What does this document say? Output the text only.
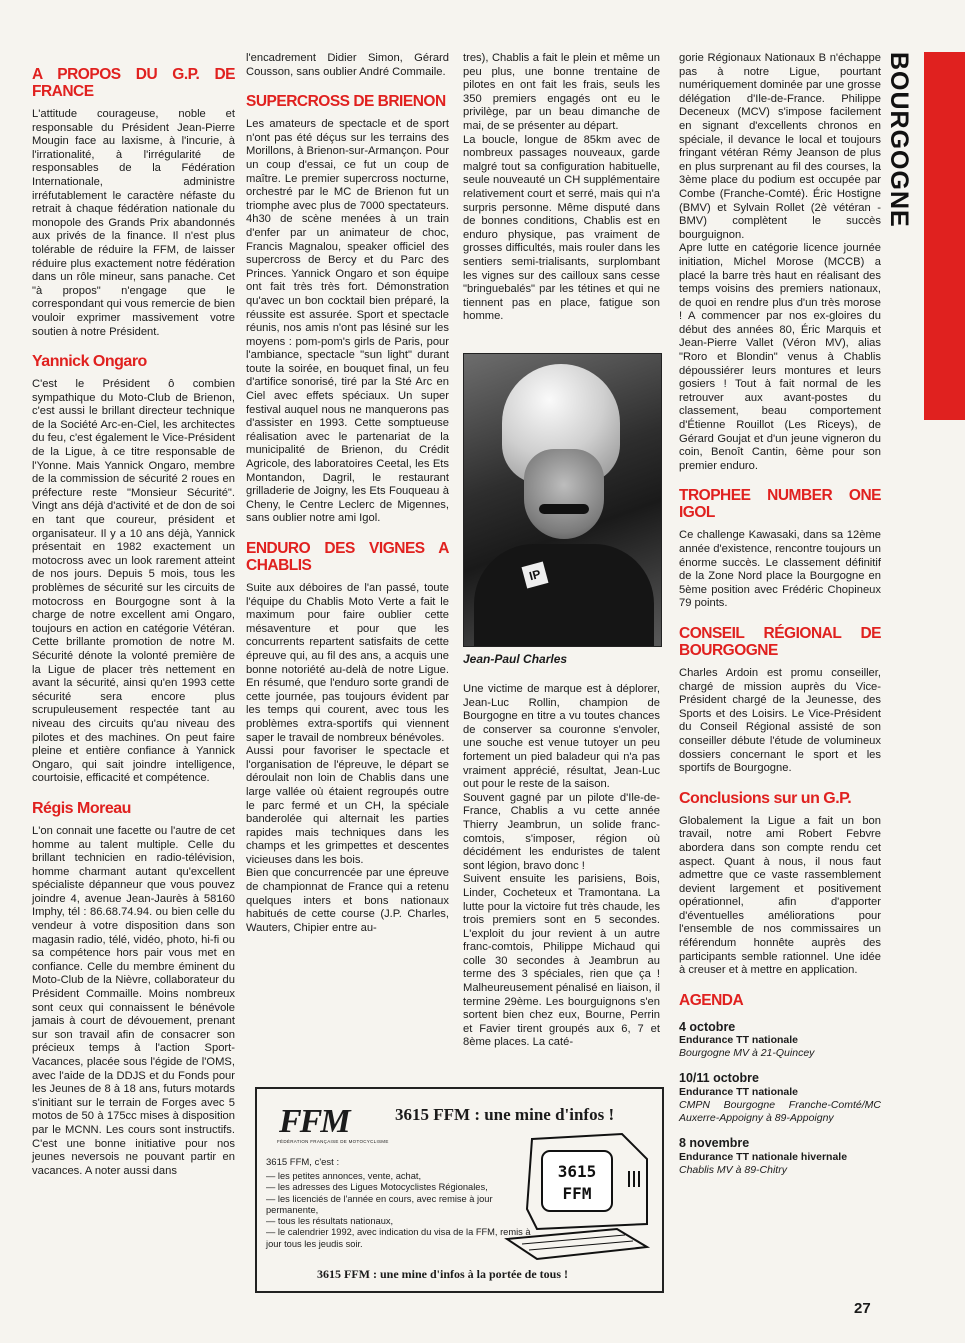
A PROPOS DU G.P. DE FRANCE

L'attitude courageuse, noble et responsable du Président Jean-Pierre Mougin face au laxisme, à l'incurie, à l'irrationalité, à l'irrégularité de responsables de la Fédération Internationale, administre irréfutablement le caractère néfaste du retrait à chaque fédération nationale du monopole des Grands Prix abandonnés aux privés de la finance. Il n'est plus tolérable de réduire la FFM, de laisser réduire plus exactement notre fédération dans un rôle mineur, sans panache. Cet "à propos" n'engage que le correspondant qui vous remercie de bien vouloir exprimer massivement votre soutien à notre Président.

Yannick Ongaro

C'est le Président ô combien sympathique du Moto-Club de Brienon, c'est aussi le brillant directeur technique de la Société Arc-en-Ciel, les architectes du feu, c'est également le Vice-Président de la Ligue, à ce titre responsable de l'Yonne. Mais Yannick Ongaro, membre de la commission de sécurité 2 roues en préfecture reste "Monsieur Sécurité". Vingt ans déjà d'activité et de don de soi en tant que coureur, président et organisateur. Il y a 10 ans déjà, Yannick présentait en 1982 exactement un motocross avec un look rarement atteint de nos jours. Depuis 5 mois, tous les problèmes de sécurité sur les circuits de motocross en Bourgogne sont à la charge de notre excellent ami Ongaro, toujours en action en catégorie Vétéran. Cette brillante promotion de notre M. Sécurité dénote la volonté première de la Ligue de placer très nettement en avant la sécurité, ainsi qu'en 1993 cette sécurité sera encore plus scrupuleusement respectée tant au niveau des circuits qu'au niveau des pilotes et des machines. On peut faire pleine et entière confiance à Yannick Ongaro, qui sait joindre intelligence, courtoisie, efficacité et compétence.

Régis Moreau

L'on connait une facette ou l'autre de cet homme au talent multiple. Celle du brillant technicien en radio-télévision, homme charmant autant qu'excellent spécialiste dépanneur que vous pouvez joindre 4, avenue Jean-Jaurès à 58160 Imphy, tél : 86.68.74.94. ou bien celle du vendeur à votre disposition dans son magasin radio, télé, vidéo, photo, hi-fi ou sa compétence hors pair vous met en confiance. Celle du membre éminent du Moto-Club de la Nièvre, collaborateur du Président Commaille. Moins nombreux sont ceux qui connaissent le bénévole jamais à court de dévouement, prenant sur son travail afin de consacrer son précieux temps à l'action Sport-Vacances, placée sous l'égide de l'OMS, avec l'aide de la DDJS et du Fonds pour les Jeunes de 8 à 18 ans, futurs motards s'initiant sur le terrain de Forges avec 5 motos de 50 à 175cc mises à disposition par le MCNN. Les cours sont instructifs. C'est une bonne initiative pour nos jeunes neversois ne pouvant partir en vacances. A noter aussi dans

l'encadrement Didier Simon, Gérard Cousson, sans oublier André Commaile.

SUPERCROSS DE BRIENON

Les amateurs de spectacle et de sport n'ont pas été déçus sur les terrains des Morillons, à Brienon-sur-Armançon. Pour un coup d'essai, ce fut un coup de maître. Le premier supercross nocturne, orchestré par le MC de Brienon fut un triomphe avec plus de 7000 spectateurs. 4h30 de scène menées à un train d'enfer par un animateur de choc, Francis Magnalou, speaker officiel des supercross de Bercy et du Parc des Princes. Yannick Ongaro et son équipe ont fait très très fort. Démonstration qu'avec un bon cocktail bien préparé, la réussite est assurée. Sport et spectacle réunis, nos amis n'ont pas lésiné sur les moyens : pom-pom's girls de Paris, pour l'ambiance, spectacle "sun light" durant toute la soirée, en bouquet final, un feu d'artifice sonorisé, tiré par la Sté Arc en Ciel avec effets spéciaux. Un super festival auquel nous ne manquerons pas d'assister en 1993. Cette somptueuse réalisation avec le partenariat de la municipalité de Brienon, du Crédit Agricole, des laboratoires Ceetal, les Ets Montandon, Dagril, le restaurant grilladerie de Joigny, les Ets Fouqueau à Cheny, le Centre Leclerc de Migennes, sans oublier notre ami Igol.

ENDURO DES VIGNES A CHABLIS

Suite aux déboires de l'an passé, toute l'équipe du Chablis Moto Verte a fait le maximum pour faire oublier cette mésaventure et pour que les concurrents repartent satisfaits de cette épreuve qui, au fil des ans, a acquis une bonne notoriété au-delà de notre Ligue. En résumé, que l'enduro sorte grandi de cette journée, pas toujours évident par les temps qui courent, avec tous les problèmes extra-sportifs qui viennent saper le travail de nombreux bénévoles.

Aussi pour favoriser le spectacle et l'organisation de l'épreuve, le départ se déroulait non loin de Chablis dans une large vallée où étaient regroupés outre le parc fermé et un CH, la spéciale banderolée qui alternait les parties rapides mais techniques dans les champs et les grimpettes et descentes vicieuses dans les bois.

Bien que concurrencée par une épreuve de championnat de France qui a retenu quelques inters et bons nationaux habitués de cette course (J.P. Charles, Wauters, Chipier entre au-

tres), Chablis a fait le plein et même un peu plus, une bonne trentaine de pilotes en ont fait les frais, seuls les 350 premiers engagés ont eu le privilège, par un beau dimanche de mai, de se présenter au départ.

La boucle, longue de 85km avec de nombreux passages nouveaux, garde malgré tout sa configuration habituelle, seule nouveauté un CH supplémentaire relativement court et serré, mais qui n'a surpris personne. Même disputé dans de bonnes conditions, Chablis est en enduro physique, pas vraiment de grosses difficultés, mais rouler dans les sentiers semi-trialisants, surplombant les vignes sur des cailloux sans cesse "bringuebalés" par les tétines et qui ne tiennent pas en place, fatigue son homme.

IP
Jean-Paul Charles

Une victime de marque est à déplorer, Jean-Luc Rollin, champion de Bourgogne en titre a vu toutes chances de conserver sa couronne s'envoler, une souche est venue tutoyer un peu fortement un pied baladeur qui n'a pas vraiment apprécié, résultat, Jean-Luc out pour le reste de la saison.

Souvent gagné par un pilote d'Ile-de-France, Chablis a vu cette année Thierry Jeambrun, un solide franc-comtois, s'imposer, région où décidément les enduristes de talent sont légion, bravo donc !

Suivent ensuite les parisiens, Bois, Linder, Cocheteux et Tramontana. La lutte pour la victoire fut très chaude, les trois premiers sont en 5 secondes. L'exploit du jour revient à un autre franc-comtois, Philippe Michaud qui colle 30 secondes à Jeambrun au terme des 3 spéciales, rien que ça ! Malheureusement pénalisé en liaison, il termine 29ème. Les bourguignons s'en sortent bien chez eux, Bourne, Perrin et Favier tirent groupés aux 6, 7 et 8ème places. La caté-

gorie Régionaux Nationaux B n'échappe pas à notre Ligue, pourtant numériquement dominée par une grosse délégation d'Ile-de-France. Philippe Deceneux (MCV) s'impose facilement en signant d'excellents chronos en spéciale, il devance le local et toujours fringant vétéran Rémy Jeanson de plus en plus surprenant au fil des courses, la 3ème place du podium est occupée par Combe (Franche-Comté). Éric Hostigne (BMV) et Sylvain Rollet (2è vétéran - BMV) complètent le succès bourguignon.

Apre lutte en catégorie licence journée initiation, Michel Morose (MCCB) a placé la barre très haut en réalisant des temps voisins des premiers nationaux, de quoi en rendre plus d'un très morose ! A commencer par nos ex-gloires du début des années 80, Éric Marquis et Jean-Pierre Vallet (Véron MV), alias "Roro et Blondin" venus à Chablis dépoussiérer leurs montures et leurs gosiers ! Tout à fait normal de les retrouver aux avant-postes du classement, beau comportement d'Étienne Rouillot (Les Riceys), de Gérard Goujat et d'un jeune vigneron du coin, Benoît Cantin, 6ème pour son premier enduro.

TROPHEE NUMBER ONE IGOL

Ce challenge Kawasaki, dans sa 12ème année d'existence, rencontre toujours un énorme succès. Le classement définitif de la Zone Nord place la Bourgogne en 5ème position avec Frédéric Chopineux 79 points.

CONSEIL RÉGIONAL DE BOURGOGNE

Charles Ardoin est promu conseiller, chargé de mission auprès du Vice-Président chargé de la Jeunesse, des Sports et des Loisirs. Le Vice-Président du Conseil Régional assisté de son conseiller débute l'étude de volumineux dossiers concernant le sport et les sportifs de Bourgogne.

Conclusions sur un G.P.

Globalement la Ligue a fait un bon travail, notre ami Robert Febvre abordera dans son compte rendu cet aspect. Quant à nous, il nous faut admettre que ce vaste rassemblement devient largement et positivement opérationnel, afin d'apporter d'éventuelles améliorations pour l'ensemble de nos commissaires un référendum honnête auprès des participants semble rationnel. Une idée à creuser et à mettre en application.

AGENDA
4 octobre
Endurance TT nationale
Bourgogne MV à 21-Quincey
10/11 octobre
Endurance TT nationale
CMPN Bourgogne Franche-Comté/MC Auxerre-Appoigny à 89-Appoigny
8 novembre
Endurance TT nationale hivernale
Chablis MV à 89-Chitry
BOURGOGNE
FFM
FÉDÉRATION FRANÇAISE DE MOTOCYCLISME
3615 FFM : une mine d'infos !
3615 FFM, c'est :
— les petites annonces, vente, achat,
— les adresses des Ligues Motocyclistes Régionales,
— les licenciés de l'année en cours, avec remise à jour permanente,
— tous les résultats nationaux,
— le calendrier 1992, avec indication du visa de la FFM, remis à jour tous les jeudis soir.
3615
FFM
3615 FFM : une mine d'infos à la portée de tous !
27
